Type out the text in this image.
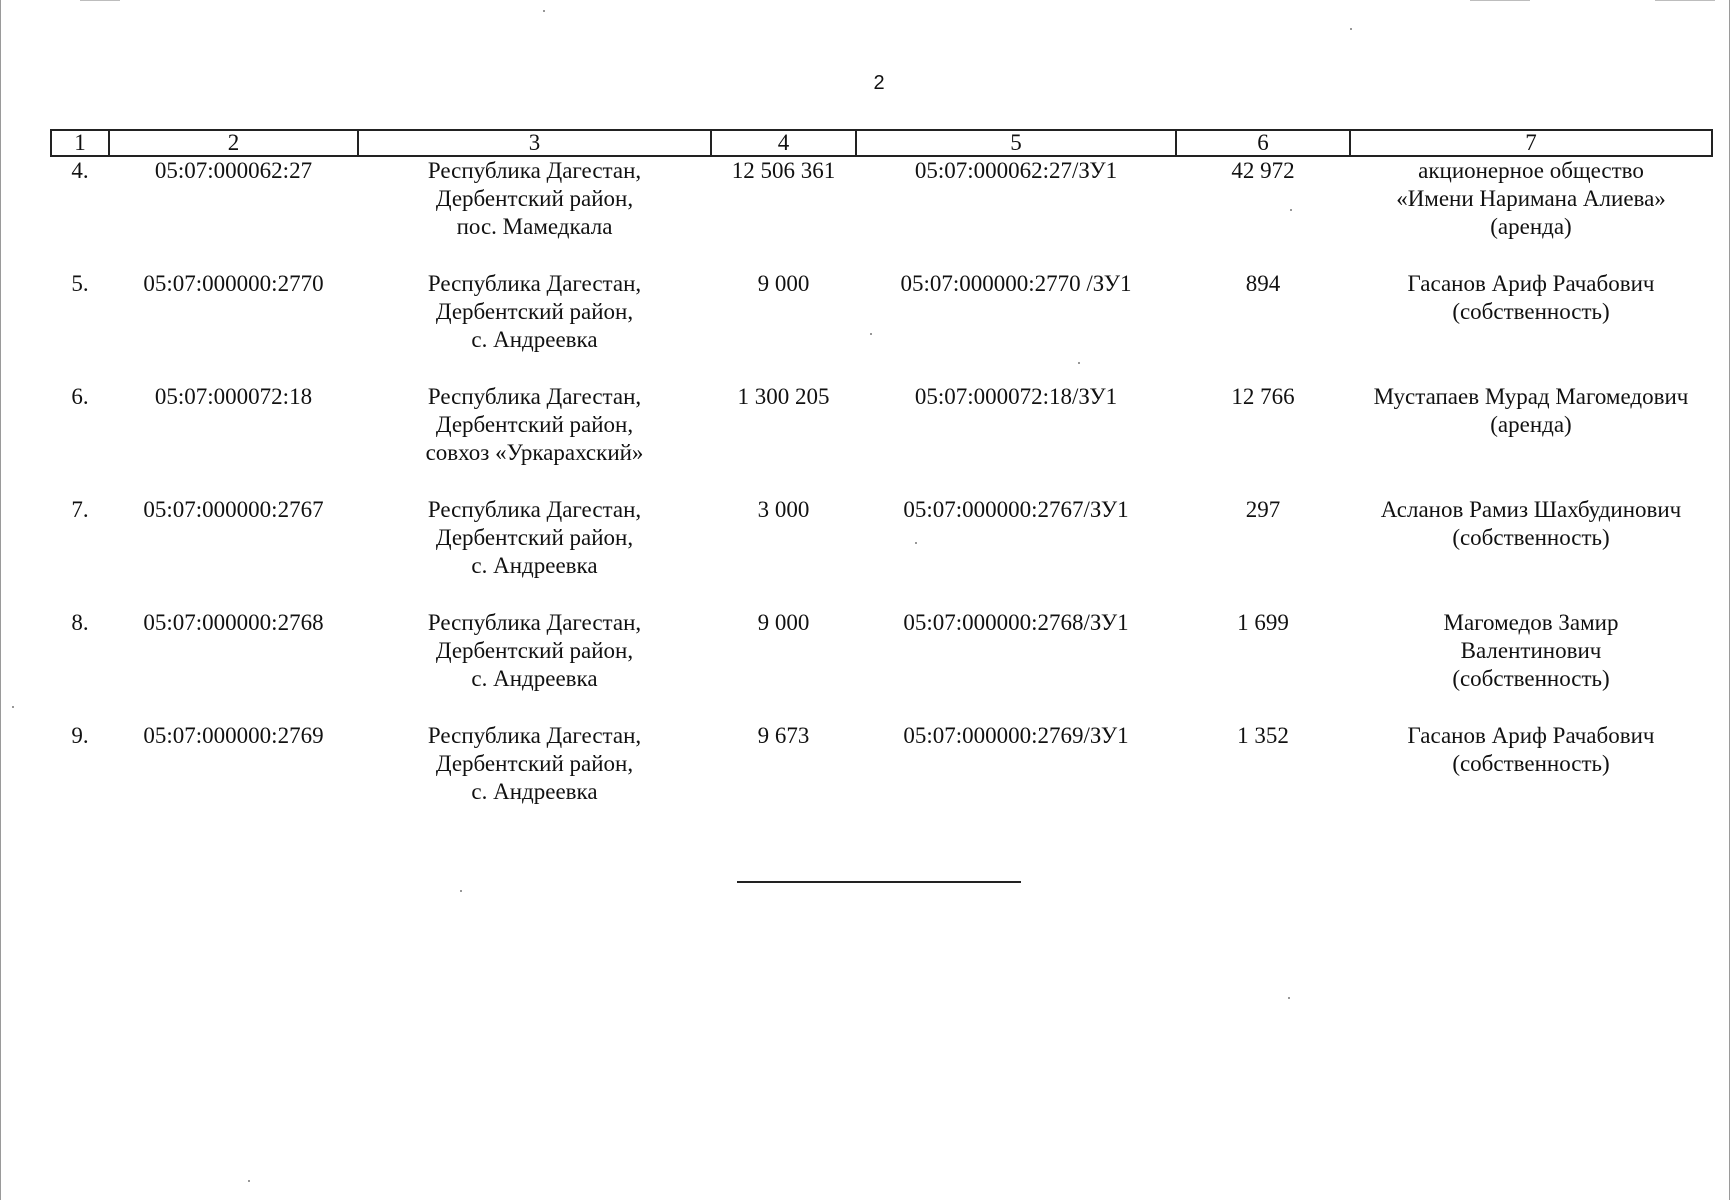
2
1	2	3	4	5	6	7

4.	05:07:000062:27	Республика Дагестан,
Дербентский район,
пос. Мамедкала	12 506 361	05:07:000062:27/ЗУ1	42 972	акционерное общество
«Имени Наримана Алиева»
(аренда)

5.	05:07:000000:2770	Республика Дагестан,
Дербентский район,
с. Андреевка	9 000	05:07:000000:2770 /ЗУ1	894	Гасанов Ариф Рачабович
(собственность)

6.	05:07:000072:18	Республика Дагестан,
Дербентский район,
совхоз «Уркарахский»	1 300 205	05:07:000072:18/ЗУ1	12 766	Мустапаев Мурад Магомедович
(аренда)

7.	05:07:000000:2767	Республика Дагестан,
Дербентский район,
с. Андреевка	3 000	05:07:000000:2767/ЗУ1	297	Асланов Рамиз Шахбудинович
(собственность)

8.	05:07:000000:2768	Республика Дагестан,
Дербентский район,
с. Андреевка	9 000	05:07:000000:2768/ЗУ1	1 699	Магомедов Замир
Валентинович
(собственность)

9.	05:07:000000:2769	Республика Дагестан,
Дербентский район,
с. Андреевка	9 673	05:07:000000:2769/ЗУ1	1 352	Гасанов Ариф Рачабович
(собственность)
